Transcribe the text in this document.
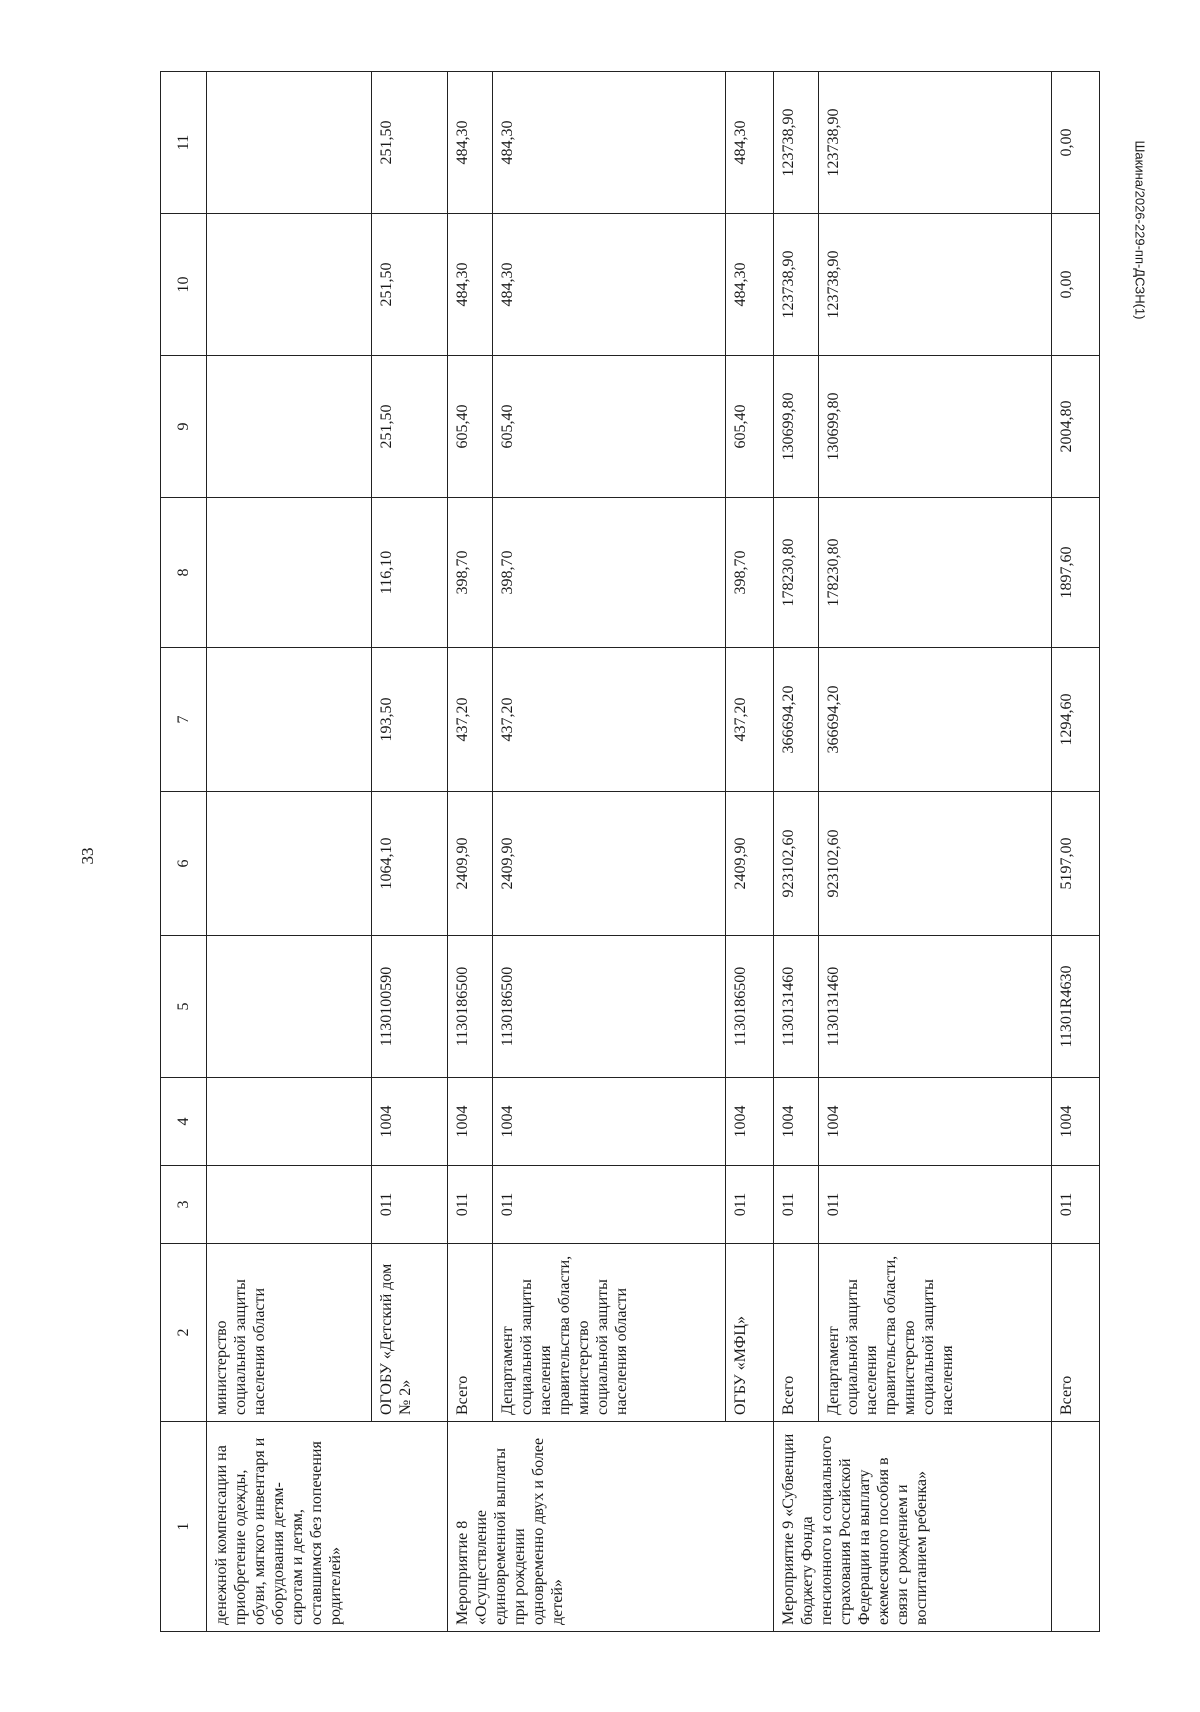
33
Шакина/2026-229-пп-ДСЗН(1)
1	2	3	4	5	6	7	8	9	10	11
денежной компенсации на приобретение одежды, обуви, мягкого инвентаря и оборудования детям-сиротам и детям, оставшимся без попечения родителей»	министерство социальной защиты населения области									
	ОГОБУ «Детский дом № 2»	011	1004	1130100590	1064,10	193,50	116,10	251,50	251,50	251,50
Мероприятие 8 «Осуществление единовременной выплаты при рождении одновременно двух и более детей»	Всего	011	1004	1130186500	2409,90	437,20	398,70	605,40	484,30	484,30
	Департамент социальной защиты населения правительства области, министерство социальной защиты населения области	011	1004	1130186500	2409,90	437,20	398,70	605,40	484,30	484,30
	ОГБУ «МФЦ»	011	1004	1130186500	2409,90	437,20	398,70	605,40	484,30	484,30
Мероприятие 9 «Субвенции бюджету Фонда пенсионного и социального страхования Российской Федерации на выплату ежемесячного пособия в связи с рождением и воспитанием ребенка»	Всего	011	1004	1130131460	923102,60	366694,20	178230,80	130699,80	123738,90	123738,90
	Департамент социальной защиты населения правительства области, министерство социальной защиты населения	011	1004	1130131460	923102,60	366694,20	178230,80	130699,80	123738,90	123738,90
	Всего	011	1004	11301R4630	5197,00	1294,60	1897,60	2004,80	0,00	0,00
